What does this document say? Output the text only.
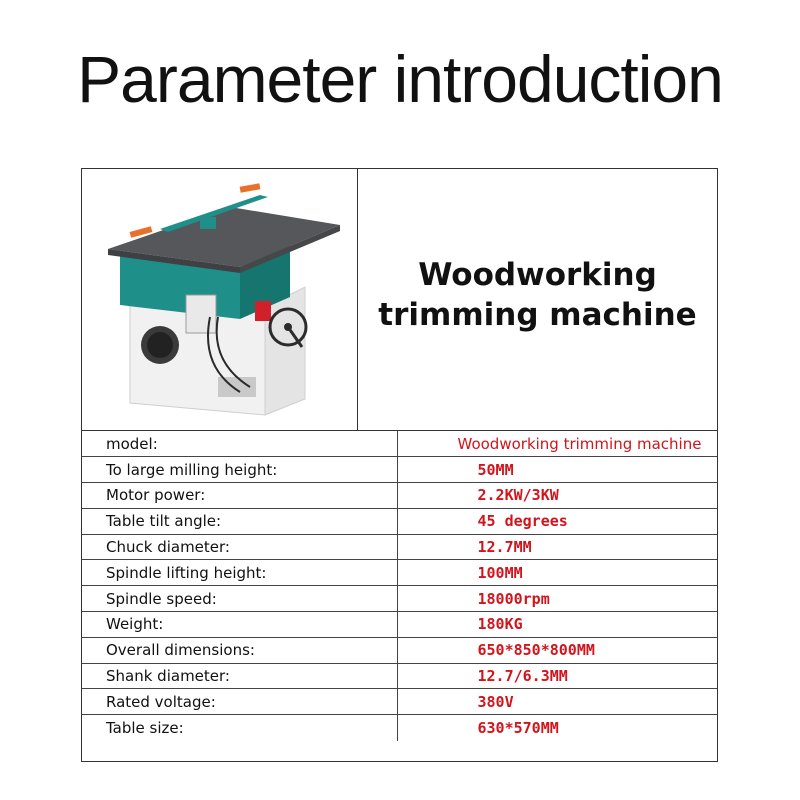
Parameter introduction
Woodworking
trimming machine
model:	Woodworking trimming machine
To large milling height:	50MM
Motor power:	2.2KW/3KW
Table tilt angle:	45 degrees
Chuck diameter:	12.7MM
Spindle lifting height:	100MM
Spindle speed:	18000rpm
Weight:	180KG
Overall dimensions:	650*850*800MM
Shank diameter:	12.7/6.3MM
Rated voltage:	380V
Table size:	630*570MM
